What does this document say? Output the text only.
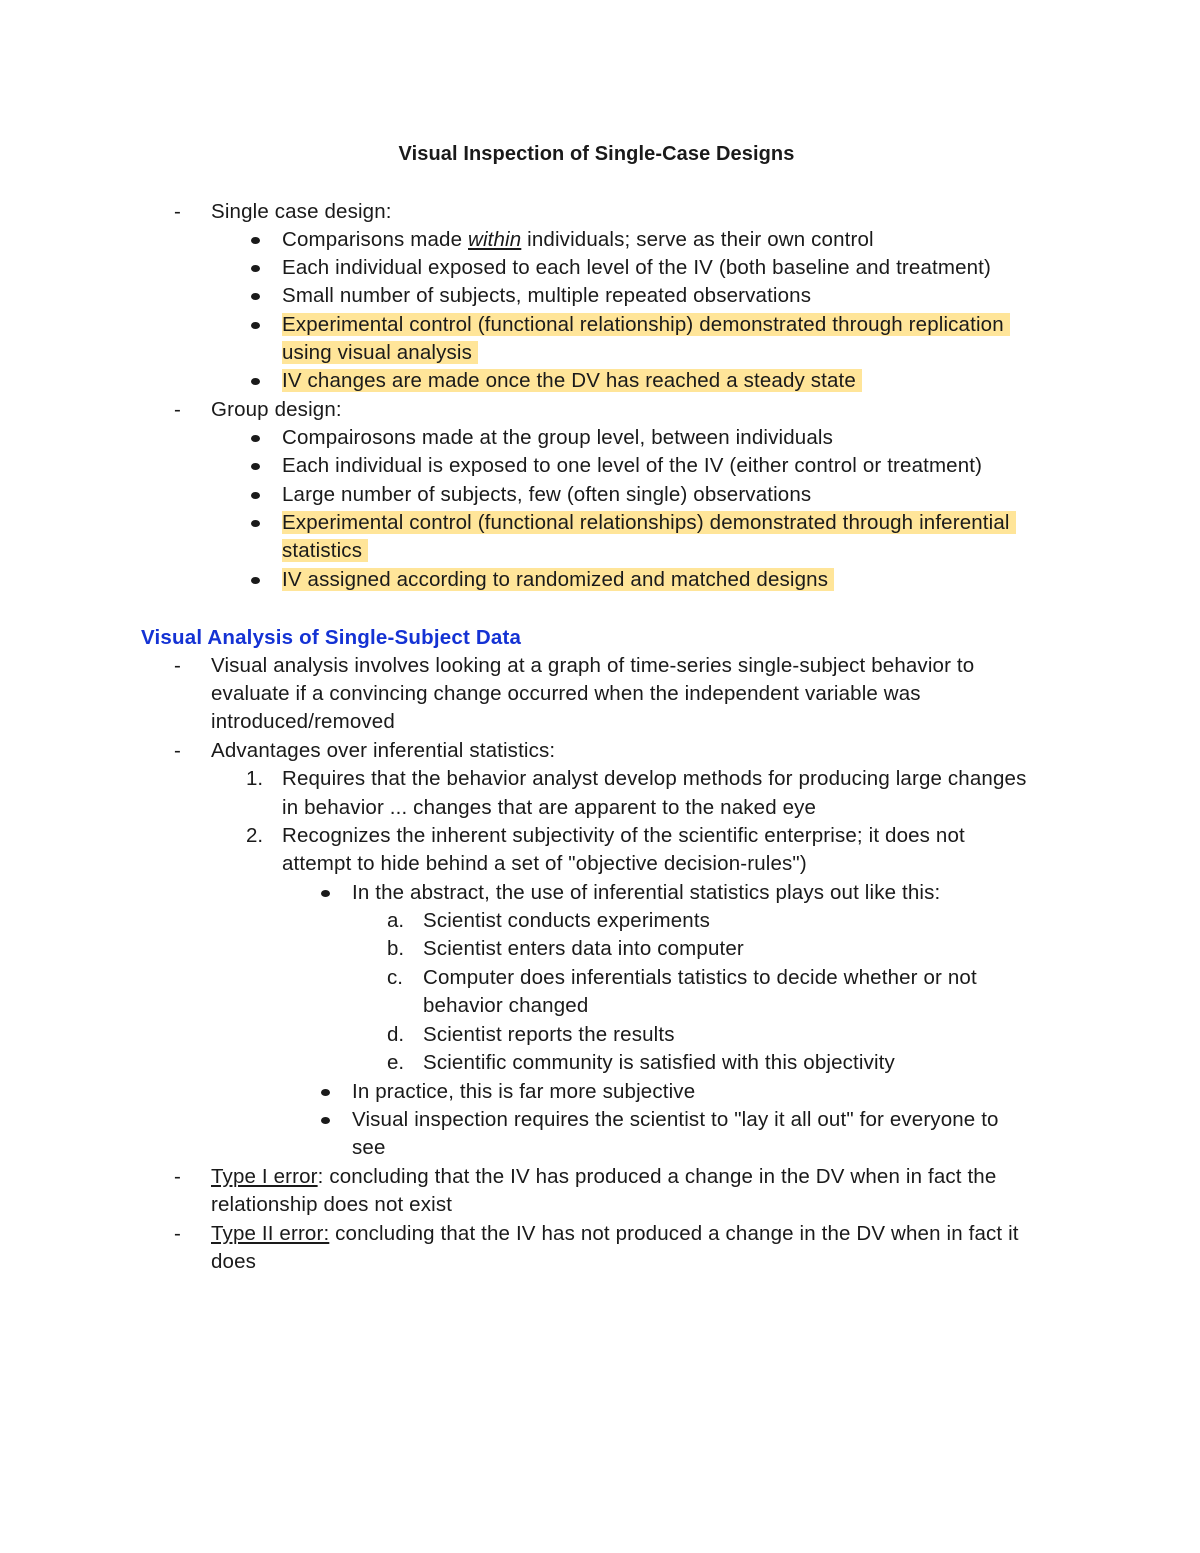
Visual Inspection of Single-Case Designs
- Single case design:
Comparisons made within individuals; serve as their own control
Each individual exposed to each level of the IV (both baseline and treatment)
Small number of subjects, multiple repeated observations
Experimental control (functional relationship) demonstrated through replication
using visual analysis
IV changes are made once the DV has reached a steady state
- Group design:
Compairosons made at the group level, between individuals
Each individual is exposed to one level of the IV (either control or treatment)
Large number of subjects, few (often single) observations
Experimental control (functional relationships) demonstrated through inferential
statistics
IV assigned according to randomized and matched designs
Visual Analysis of Single-Subject Data
- Visual analysis involves looking at a graph of time-series single-subject behavior to
evaluate if a convincing change occurred when the independent variable was
introduced/removed
- Advantages over inferential statistics:
1. Requires that the behavior analyst develop methods for producing large changes
in behavior ... changes that are apparent to the naked eye
2. Recognizes the inherent subjectivity of the scientific enterprise; it does not
attempt to hide behind a set of "objective decision-rules")
In the abstract, the use of inferential statistics plays out like this:
a. Scientist conducts experiments
b. Scientist enters data into computer
c. Computer does inferentials tatistics to decide whether or not
behavior changed
d. Scientist reports the results
e. Scientific community is satisfied with this objectivity
In practice, this is far more subjective
Visual inspection requires the scientist to "lay it all out" for everyone to
see
- Type I error: concluding that the IV has produced a change in the DV when in fact the
relationship does not exist
- Type II error: concluding that the IV has not produced a change in the DV when in fact it
does
